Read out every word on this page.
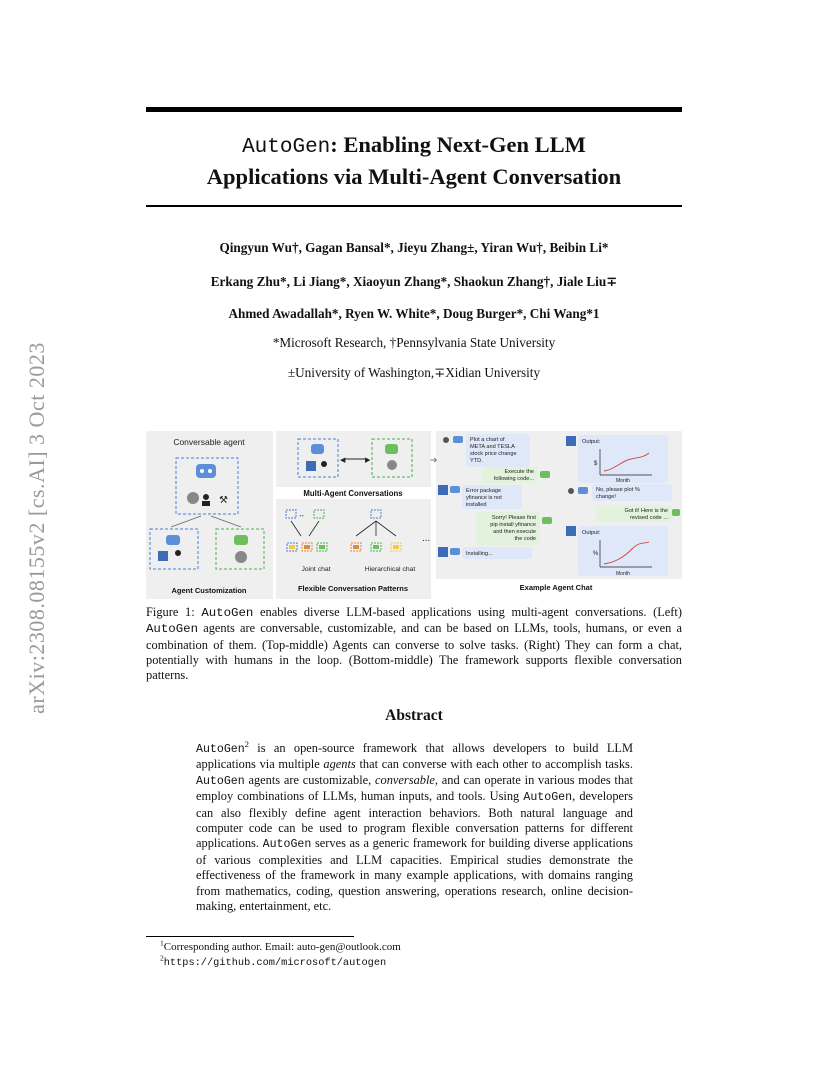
arXiv:2308.08155v2 [cs.AI] 3 Oct 2023
AutoGen: Enabling Next-Gen LLM
Applications via Multi-Agent Conversation
Qingyun Wu†, Gagan Bansal*, Jieyu Zhang±, Yiran Wu†, Beibin Li*
Erkang Zhu*, Li Jiang*, Xiaoyun Zhang*, Shaokun Zhang†, Jiale Liu∓
Ahmed Awadallah*, Ryen W. White*, Doug Burger*, Chi Wang*1
*Microsoft Research, †Pennsylvania State University
±University of Washington,∓Xidian University
Conversable agent
⚒
Agent Customization
◀	▶
Multi-Agent Conversations
↔
Joint chat
...
Hierarchical chat
Flexible Conversation Patterns
➜
Plot a chart of
META and TESLA
stock price change
YTD.
Execute the
following code...
Error package
yfinance is not
installed
Sorry! Please first
pip install yfinance
and then execute
the code
Installing...
Output:
$
Month
No, please plot %
change!
Got it! Here is the
revised code ...
Output:
%
Month
Example Agent Chat
Figure 1: AutoGen enables diverse LLM-based applications using multi-agent conversations. (Left) AutoGen agents are conversable, customizable, and can be based on LLMs, tools, humans, or even a combination of them. (Top-middle) Agents can converse to solve tasks. (Right) They can form a chat, potentially with humans in the loop. (Bottom-middle) The framework supports flexible conversation patterns.
Abstract
AutoGen$^2$ is an open-source framework that allows developers to build LLM applications via multiple agents that can converse with each other to accomplish tasks. AutoGen agents are customizable, conversable, and can operate in various modes that employ combinations of LLMs, human inputs, and tools. Using AutoGen, developers can also flexibly define agent interaction behaviors. Both natural language and computer code can be used to program flexible conversation patterns for different applications. AutoGen serves as a generic framework for building diverse applications of various complexities and LLM capacities. Empirical studies demonstrate the effectiveness of the framework in many example applications, with domains ranging from mathematics, coding, question answering, operations research, online decision-making, entertainment, etc.
$^1$Corresponding author. Email: auto-gen@outlook.com
$^2$https://github.com/microsoft/autogen
